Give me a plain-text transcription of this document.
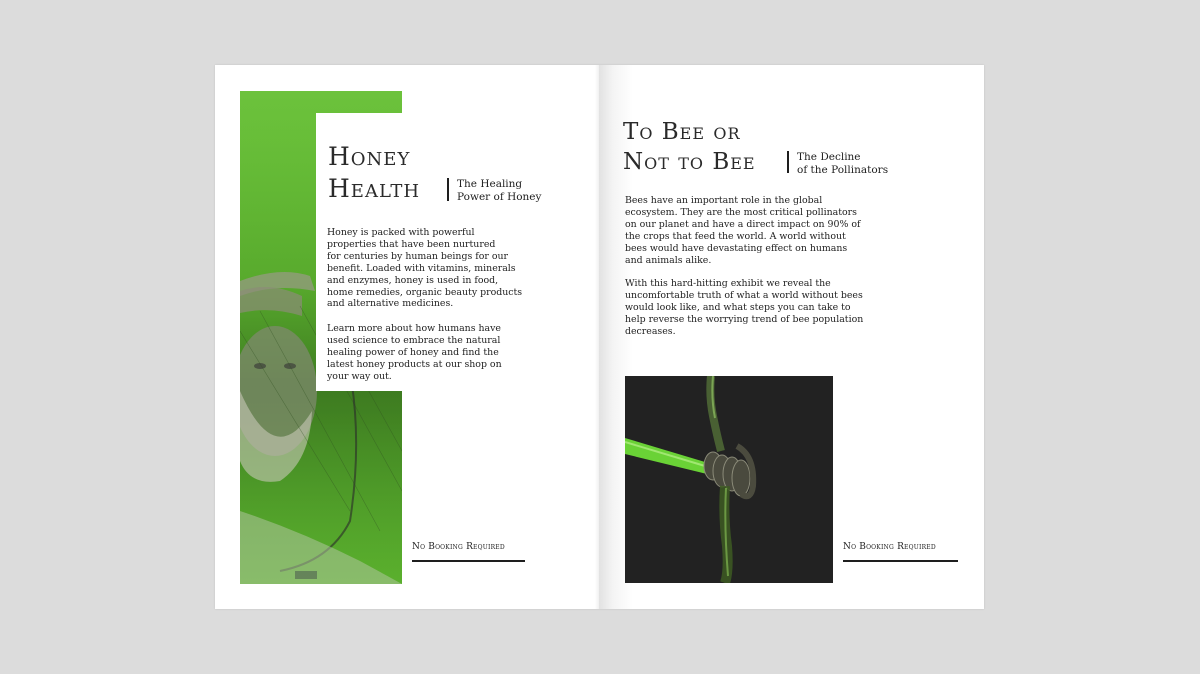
Honey
Health	The Healing
Power of Honey
Honey is packed with powerful
properties that have been nurtured
for centuries by human beings for our
benefit. Loaded with vitamins, minerals
and enzymes, honey is used in food,
home remedies, organic beauty products
and alternative medicines.
Learn more about how humans have
used science to embrace the natural
healing power of honey and find the
latest honey products at our shop on
your way out.
No Booking Required
To Bee or
Not to Bee	The Decline
of the Pollinators
Bees have an important role in the global
ecosystem. They are the most critical pollinators
on our planet and have a direct impact on 90% of
the crops that feed the world. A world without
bees would have devastating effect on humans
and animals alike.
With this hard-hitting exhibit we reveal the
uncomfortable truth of what a world without bees
would look like, and what steps you can take to
help reverse the worrying trend of bee population
decreases.
No Booking Required
